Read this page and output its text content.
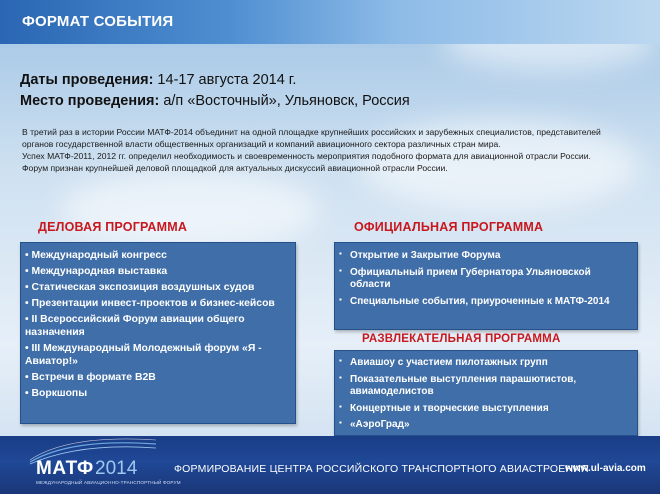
ФОРМАТ СОБЫТИЯ
Даты проведения: 14-17 августа 2014 г.
Место проведения: а/п «Восточный», Ульяновск, Россия

В третий раз в истории России МАТФ-2014 объединит на одной площадке крупнейших российских и зарубежных специалистов, представителей органов государственной власти общественных организаций и компаний авиационного сектора различных стран мира.

Успех МАТФ-2011, 2012 гг. определил необходимость и своевременность мероприятия подобного формата для авиационной отрасли России.

Форум признан крупнейшей деловой площадкой для актуальных дискуссий авиационной отрасли России.

ДЕЛОВАЯ ПРОГРАММА
• Международный конгресс
• Международная выставка
• Статическая экспозиция воздушных судов
• Презентации инвест-проектов и бизнес-кейсов
• II Всероссийский Форум авиации общего назначения
• III Международный Молодежный форум «Я - Авиатор!»
• Встречи в формате B2B
• Воркшопы
ОФИЦИАЛЬНАЯ ПРОГРАММА
▪ Открытие и Закрытие Форума
▪ Официальный прием Губернатора Ульяновской области
▪ Специальные события, приуроченные к МАТФ-2014
РАЗВЛЕКАТЕЛЬНАЯ ПРОГРАММА
▪ Авиашоу с участием пилотажных групп
▪ Показательные выступления парашютистов, авиамоделистов
▪ Концертные и творческие выступления
▪ «АэроГрад»
МАТФ 2014
МЕЖДУНАРОДНЫЙ АВИАЦИОННО-ТРАНСПОРТНЫЙ ФОРУМ
ФОРМИРОВАНИЕ ЦЕНТРА РОССИЙСКОГО ТРАНСПОРТНОГО АВИАСТРОЕНИЯ
www.ul-avia.com
